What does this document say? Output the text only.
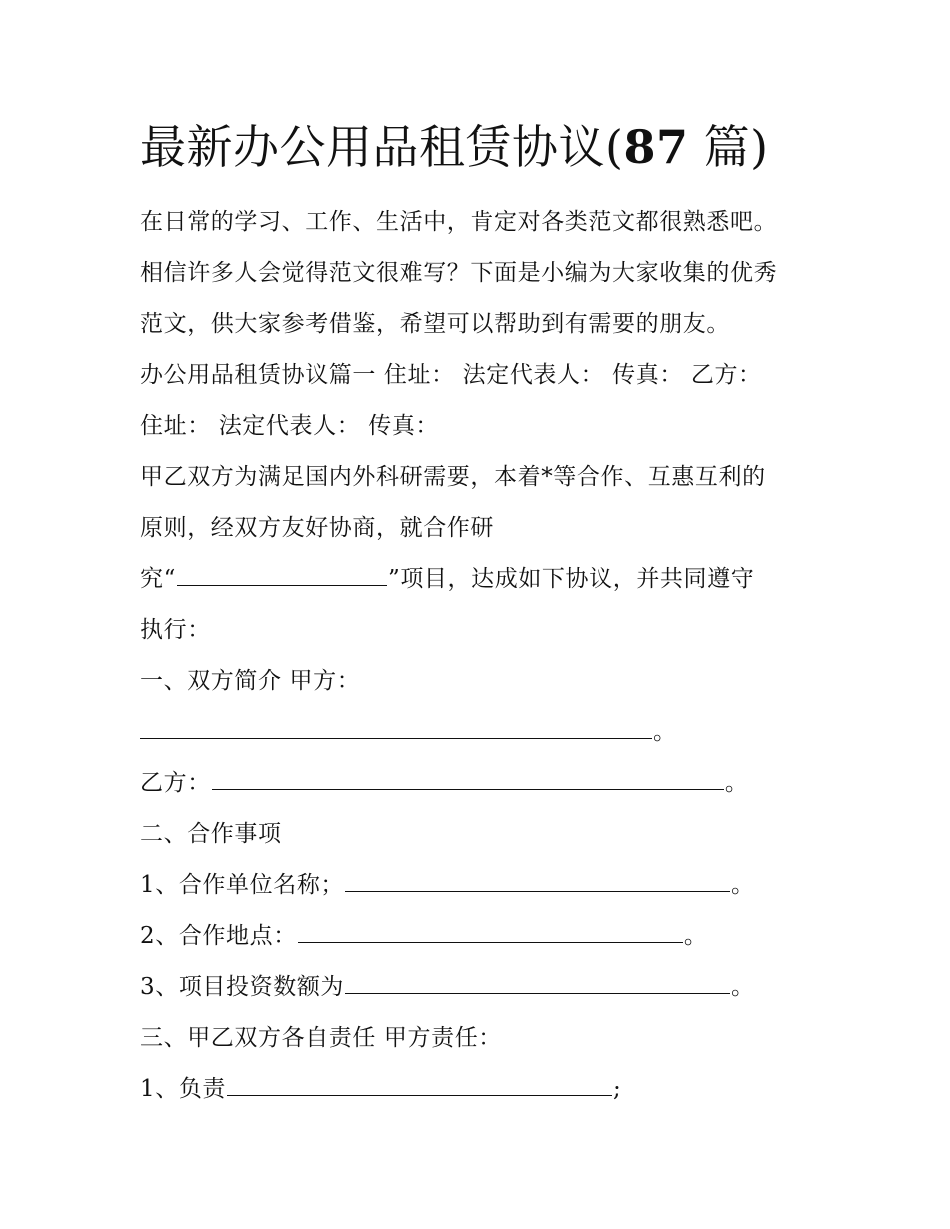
最新办公用品租赁协议(87 篇)
在日常的学习、工作、生活中，肯定对各类范文都很熟悉吧。
相信许多人会觉得范文很难写？下面是小编为大家收集的优秀
范文，供大家参考借鉴，希望可以帮助到有需要的朋友。
办公用品租赁协议篇一 住址： 法定代表人： 传真： 乙方：
住址： 法定代表人： 传真：
甲乙双方为满足国内外科研需要，本着*等合作、互惠互利的
原则，经双方友好协商，就合作研
究“	”项目，达成如下协议，并共同遵守
执行：
一、双方简介 甲方：
。
乙方：	。
二、合作事项
1、合作单位名称；	。
2、合作地点：	。
3、项目投资数额为	。
三、甲乙双方各自责任 甲方责任：
1、负责	;
